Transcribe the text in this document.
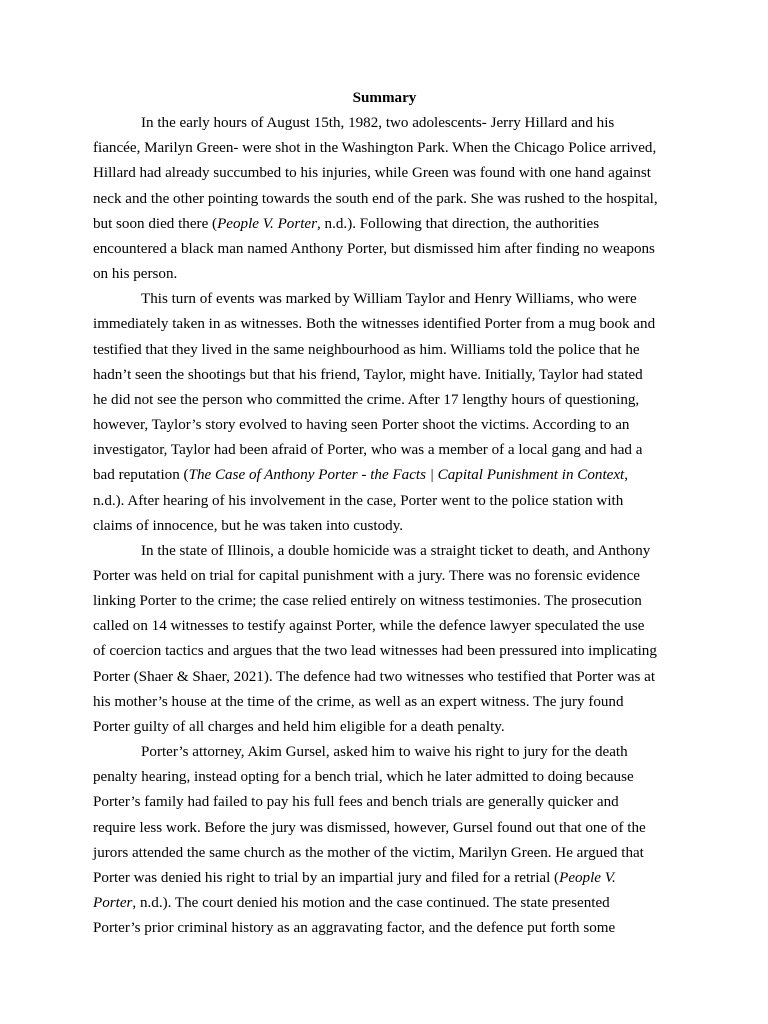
Summary

In the early hours of August 15th, 1982, two adolescents- Jerry Hillard and his
fiancée, Marilyn Green- were shot in the Washington Park. When the Chicago Police arrived,
Hillard had already succumbed to his injuries, while Green was found with one hand against
neck and the other pointing towards the south end of the park. She was rushed to the hospital,
but soon died there (People V. Porter, n.d.). Following that direction, the authorities
encountered a black man named Anthony Porter, but dismissed him after finding no weapons
on his person.

This turn of events was marked by William Taylor and Henry Williams, who were
immediately taken in as witnesses. Both the witnesses identified Porter from a mug book and
testified that they lived in the same neighbourhood as him. Williams told the police that he
hadn’t seen the shootings but that his friend, Taylor, might have. Initially, Taylor had stated
he did not see the person who committed the crime. After 17 lengthy hours of questioning,
however, Taylor’s story evolved to having seen Porter shoot the victims. According to an
investigator, Taylor had been afraid of Porter, who was a member of a local gang and had a
bad reputation (The Case of Anthony Porter - the Facts | Capital Punishment in Context,
n.d.). After hearing of his involvement in the case, Porter went to the police station with
claims of innocence, but he was taken into custody.

In the state of Illinois, a double homicide was a straight ticket to death, and Anthony
Porter was held on trial for capital punishment with a jury. There was no forensic evidence
linking Porter to the crime; the case relied entirely on witness testimonies. The prosecution
called on 14 witnesses to testify against Porter, while the defence lawyer speculated the use
of coercion tactics and argues that the two lead witnesses had been pressured into implicating
Porter (Shaer & Shaer, 2021). The defence had two witnesses who testified that Porter was at
his mother’s house at the time of the crime, as well as an expert witness. The jury found
Porter guilty of all charges and held him eligible for a death penalty.

Porter’s attorney, Akim Gursel, asked him to waive his right to jury for the death
penalty hearing, instead opting for a bench trial, which he later admitted to doing because
Porter’s family had failed to pay his full fees and bench trials are generally quicker and
require less work. Before the jury was dismissed, however, Gursel found out that one of the
jurors attended the same church as the mother of the victim, Marilyn Green. He argued that
Porter was denied his right to trial by an impartial jury and filed for a retrial (People V.
Porter, n.d.). The court denied his motion and the case continued. The state presented
Porter’s prior criminal history as an aggravating factor, and the defence put forth some
